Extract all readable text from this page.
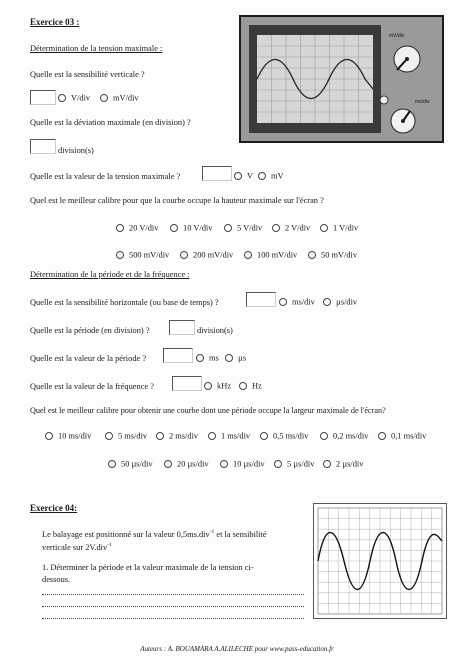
Exercice 03 :
Détermination de la tension maximale :
Quelle est la sensibilité verticale ?
V/div	mV/div
Quelle est la déviation maximale (en division) ?
division(s)
Quelle est la valeur de la tension maximale ?	V	mV
Quel est le meilleur calibre pour que la courbe occupe la hauteur maximale sur l'écran ?
20 V/div	10 V/div	5 V/div	2 V/div	1 V/div
500 mV/div	200 mV/div	100 mV/div	50 mV/div
mV/div
ms/div
Détermination de la période et de la fréquence :
Quelle est la sensibilité horizontale (ou base de temps) ?	ms/div	µs/div
Quelle est la période (en division) ?	division(s)
Quelle est la valeur de la période ?	ms	µs
Quelle est la valeur de la fréquence ?	kHz	Hz
Quel est le meilleur calibre pour obtenir une courbe dont une période occupe la largeur maximale de l'écran?
10 ms/div	5 ms/div	2 ms/div	1 ms/div	0,5 ms/div	0,2 ms/div	0,1 ms/div
50 µs/div	20 µs/div	10 µs/div	5 µs/div	2 µs/div
Exercice 04:
Le balayage est positionné sur la valeur 0,5ms.div$^{-1}$ et la sensibilité
verticale sur 2V.div$^{-1}$
1. Déterminer la période et la valeur maximale de la tension ci-
dessous.
Auteurs : A. BOUAMARA A.ALILECHE pour www.pass-education.fr
